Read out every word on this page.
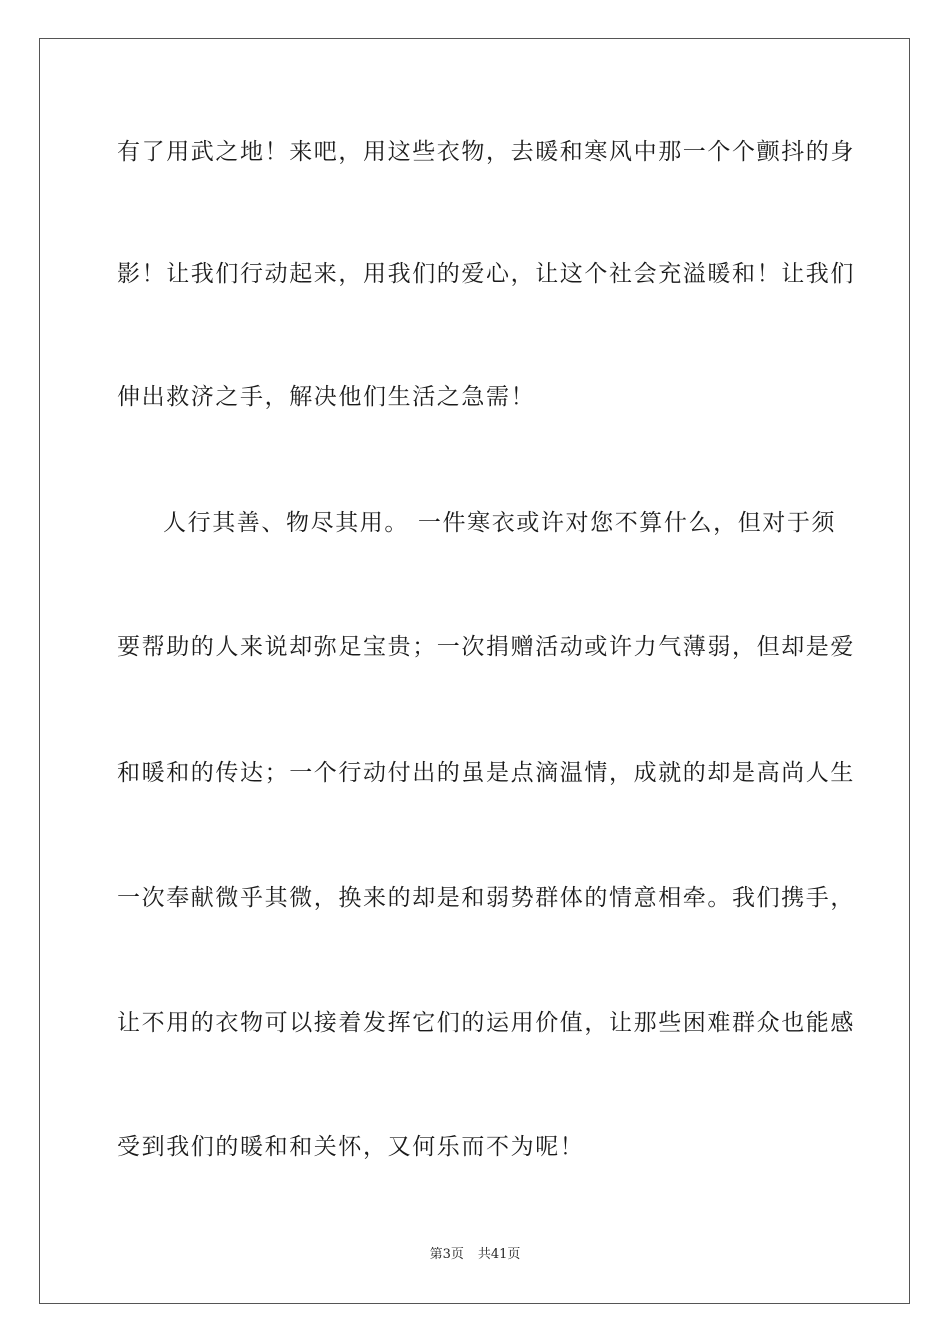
有了用武之地！来吧，用这些衣物，去暖和寒风中那一个个颤抖的身
影！让我们行动起来，用我们的爱心，让这个社会充溢暖和！让我们
伸出救济之手，解决他们生活之急需！
人行其善、物尽其用。 一件寒衣或许对您不算什么，但对于须
要帮助的人来说却弥足宝贵；一次捐赠活动或许力气薄弱，但却是爱
和暖和的传达；一个行动付出的虽是点滴温情，成就的却是高尚人生
一次奉献微乎其微，换来的却是和弱势群体的情意相牵。我们携手，
让不用的衣物可以接着发挥它们的运用价值，让那些困难群众也能感
受到我们的暖和和关怀，又何乐而不为呢！
第3页 共41页
